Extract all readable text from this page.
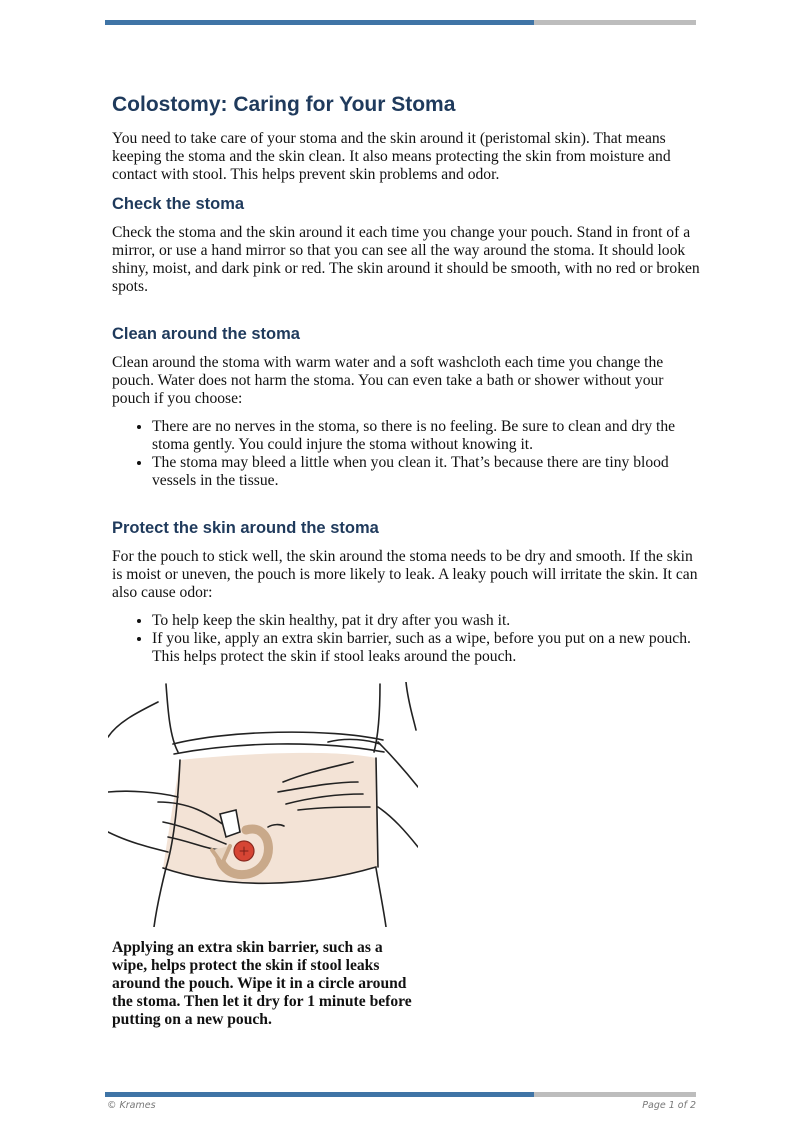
Colostomy: Caring for Your Stoma

You need to take care of your stoma and the skin around it (peristomal skin). That means keeping the stoma and the skin clean. It also means protecting the skin from moisture and contact with stool. This helps prevent skin problems and odor.

Check the stoma

Check the stoma and the skin around it each time you change your pouch. Stand in front of a mirror, or use a hand mirror so that you can see all the way around the stoma. It should look shiny, moist, and dark pink or red. The skin around it should be smooth, with no red or broken spots.

Clean around the stoma

Clean around the stoma with warm water and a soft washcloth each time you change the pouch. Water does not harm the stoma. You can even take a bath or shower without your pouch if you choose:

• There are no nerves in the stoma, so there is no feeling. Be sure to clean and dry the stoma gently. You could injure the stoma without knowing it.
• The stoma may bleed a little when you clean it. That’s because there are tiny blood vessels in the tissue.
Protect the skin around the stoma

For the pouch to stick well, the skin around the stoma needs to be dry and smooth. If the skin is moist or uneven, the pouch is more likely to leak. A leaky pouch will irritate the skin. It can also cause odor:

• To help keep the skin healthy, pat it dry after you wash it.
• If you like, apply an extra skin barrier, such as a wipe, before you put on a new pouch. This helps protect the skin if stool leaks around the pouch.
Applying an extra skin barrier, such as a wipe, helps protect the skin if stool leaks around the pouch. Wipe it in a circle around the stoma. Then let it dry for 1 minute before putting on a new pouch.
© Krames	Page 1 of 2
